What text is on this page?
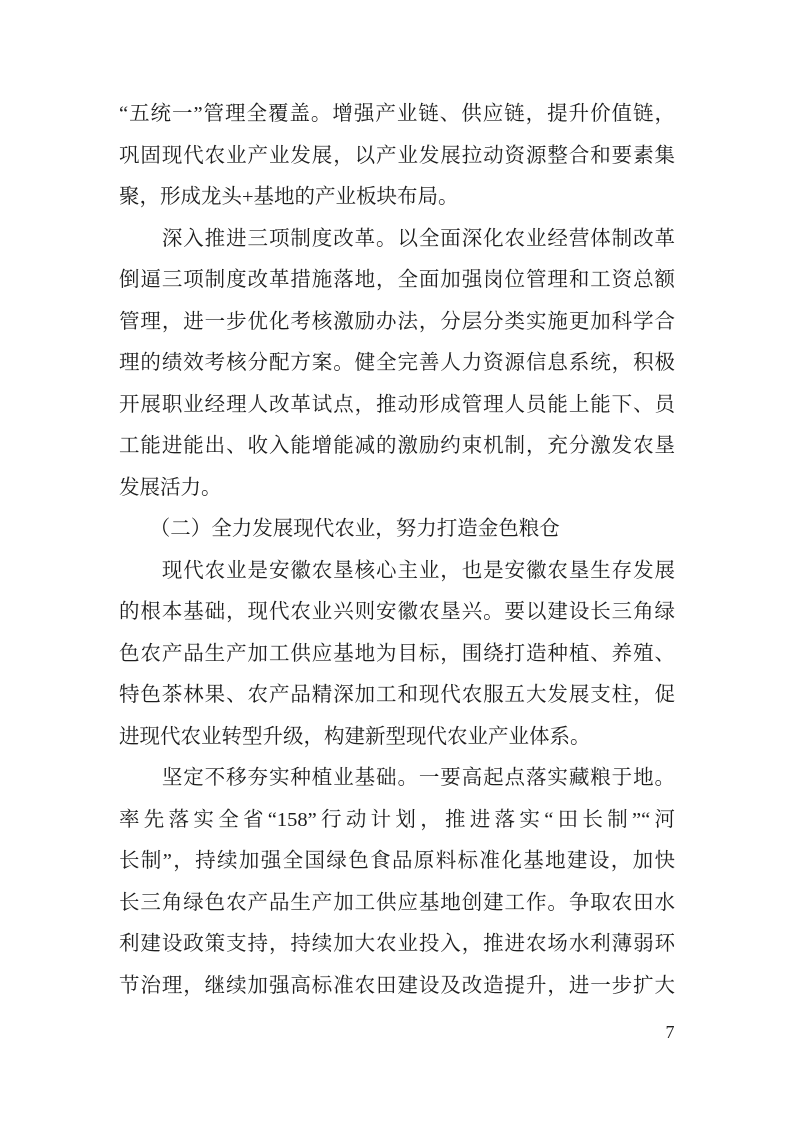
“五统一”管理全覆盖。增强产业链、供应链，提升价值链，
巩固现代农业产业发展，以产业发展拉动资源整合和要素集
聚，形成龙头+基地的产业板块布局。
　　深入推进三项制度改革。以全面深化农业经营体制改革
倒逼三项制度改革措施落地，全面加强岗位管理和工资总额
管理，进一步优化考核激励办法，分层分类实施更加科学合
理的绩效考核分配方案。健全完善人力资源信息系统，积极
开展职业经理人改革试点，推动形成管理人员能上能下、员
工能进能出、收入能增能减的激励约束机制，充分激发农垦
发展活力。
　　（二）全力发展现代农业，努力打造金色粮仓
　　现代农业是安徽农垦核心主业，也是安徽农垦生存发展
的根本基础，现代农业兴则安徽农垦兴。要以建设长三角绿
色农产品生产加工供应基地为目标，围绕打造种植、养殖、
特色茶林果、农产品精深加工和现代农服五大发展支柱，促
进现代农业转型升级，构建新型现代农业产业体系。
　　坚定不移夯实种植业基础。一要高起点落实藏粮于地。
率先落实全省“158”行动计划，推进落实“田长制”“河
长制”，持续加强全国绿色食品原料标准化基地建设，加快
长三角绿色农产品生产加工供应基地创建工作。争取农田水
利建设政策支持，持续加大农业投入，推进农场水利薄弱环
节治理，继续加强高标准农田建设及改造提升，进一步扩大
7
